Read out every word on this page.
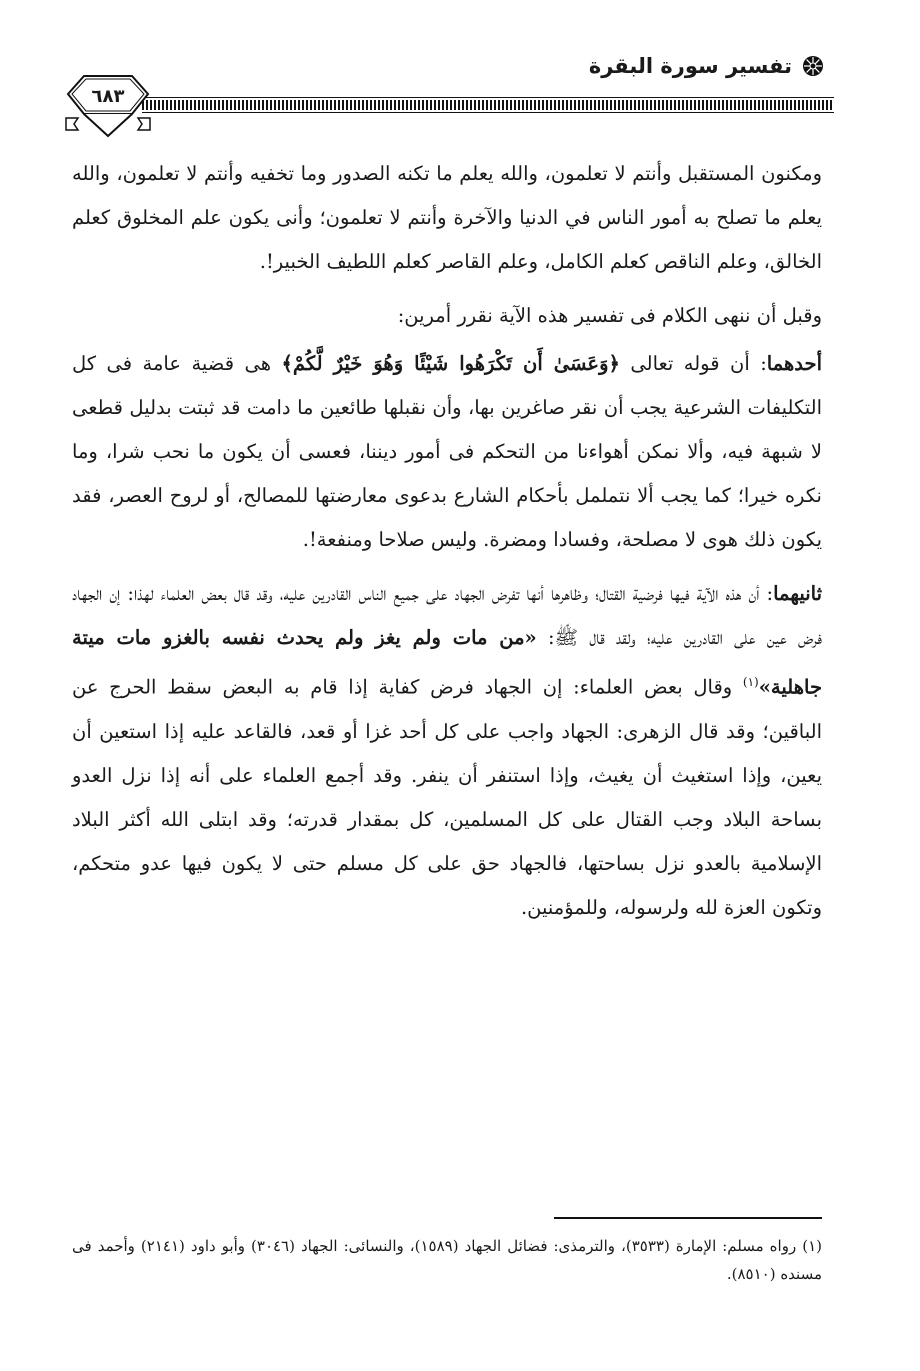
تفسير سورة البقرة
٦٨٣

ومكنون المستقبل وأنتم لا تعلمون، والله يعلم ما تكنه الصدور وما تخفيه وأنتم لا تعلمون، والله يعلم ما تصلح به أمور الناس في الدنيا والآخرة وأنتم لا تعلمون؛ وأنى يكون علم المخلوق كعلم الخالق، وعلم الناقص كعلم الكامل، وعلم القاصر كعلم اللطيف الخبير!.

وقبل أن ننهى الكلام فى تفسير هذه الآية نقرر أمرين:

أحدهما: أن قوله تعالى ﴿وَعَسَىٰ أَن تَكْرَهُوا شَيْئًا وَهُوَ خَيْرٌ لَّكُمْ﴾ هى قضية عامة فى كل التكليفات الشرعية يجب أن نقر صاغرين بها، وأن نقبلها طائعين ما دامت قد ثبتت بدليل قطعى لا شبهة فيه، وألا نمكن أهواءنا من التحكم فى أمور ديننا، فعسى أن يكون ما نحب شرا، وما نكره خيرا؛ كما يجب ألا نتململ بأحكام الشارع بدعوى معارضتها للمصالح، أو لروح العصر، فقد يكون ذلك هوى لا مصلحة، وفسادا ومضرة. وليس صلاحا ومنفعة!.

ثانيهما: أن هذه الآية فيها فرضية القتال؛ وظاهرها أنها تفرض الجهاد على جميع الناس القادرين عليه، وقد قال بعض العلماء لهذا: إن الجهاد فرض عين على القادرين عليه؛ ولقد قال ﷺ: «من مات ولم يغز ولم يحدث نفسه بالغزو مات ميتة جاهلية»$^{(١)}$ وقال بعض العلماء: إن الجهاد فرض كفاية إذا قام به البعض سقط الحرج عن الباقين؛ وقد قال الزهرى: الجهاد واجب على كل أحد غزا أو قعد، فالقاعد عليه إذا استعين أن يعين، وإذا استغيث أن يغيث، وإذا استنفر أن ينفر. وقد أجمع العلماء على أنه إذا نزل العدو بساحة البلاد وجب القتال على كل المسلمين، كل بمقدار قدرته؛ وقد ابتلى الله أكثر البلاد الإسلامية بالعدو نزل بساحتها، فالجهاد حق على كل مسلم حتى لا يكون فيها عدو متحكم، وتكون العزة لله ولرسوله، وللمؤمنين.

(١) رواه مسلم: الإمارة (٣٥٣٣)، والترمذى: فضائل الجهاد (١٥٨٩)، والنسائى: الجهاد (٣٠٤٦) وأبو داود (٢١٤١) وأحمد فى مسنده (٨٥١٠).
